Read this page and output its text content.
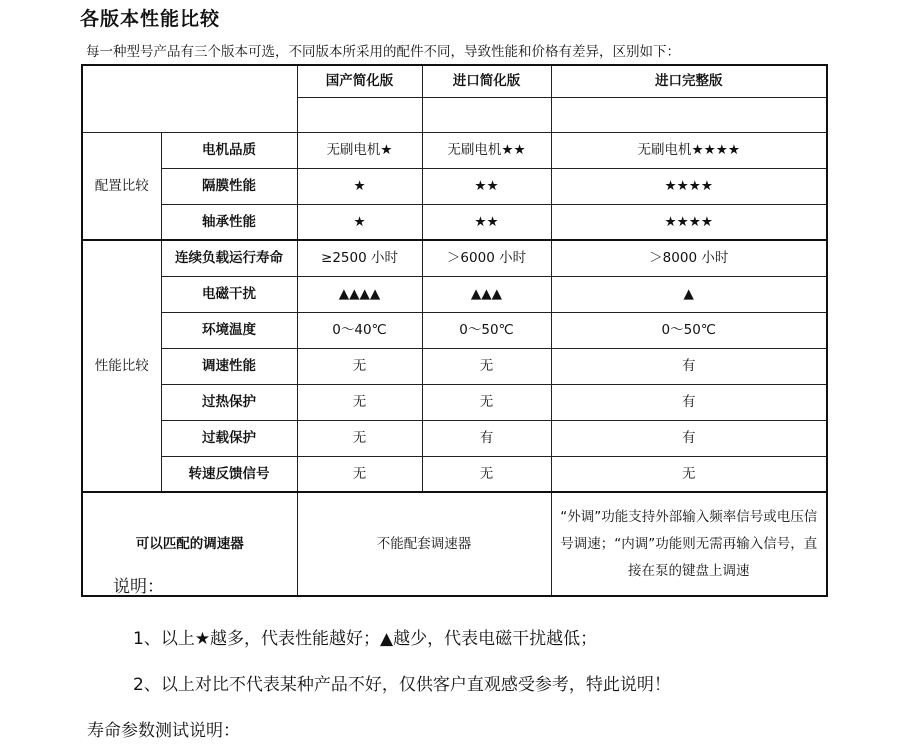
各版本性能比较
每一种型号产品有三个版本可选，不同版本所采用的配件不同，导致性能和价格有差异，区别如下：
		国产简化版	进口简化版	进口完整版

配置比较	电机品质	无刷电机★	无刷电机★★	无刷电机★★★★
	隔膜性能	★	★★	★★★★
	轴承性能	★	★★	★★★★
性能比较	连续负载运行寿命	≥2500 小时	＞6000 小时	＞8000 小时
	电磁干扰	▲▲▲▲	▲▲▲	▲
	环境温度	0～40℃	0～50℃	0～50℃
	调速性能	无	无	有
	过热保护	无	无	有
	过载保护	无	有	有
	转速反馈信号	无	无	无
可以匹配的调速器		不能配套调速器		“外调”功能支持外部输入频率信号或电压信号调速；“内调”功能则无需再输入信号，直接在泵的键盘上调速
说明：
1、以上★越多，代表性能越好；▲越少，代表电磁干扰越低；
2、以上对比不代表某种产品不好，仅供客户直观感受参考，特此说明！
寿命参数测试说明：
